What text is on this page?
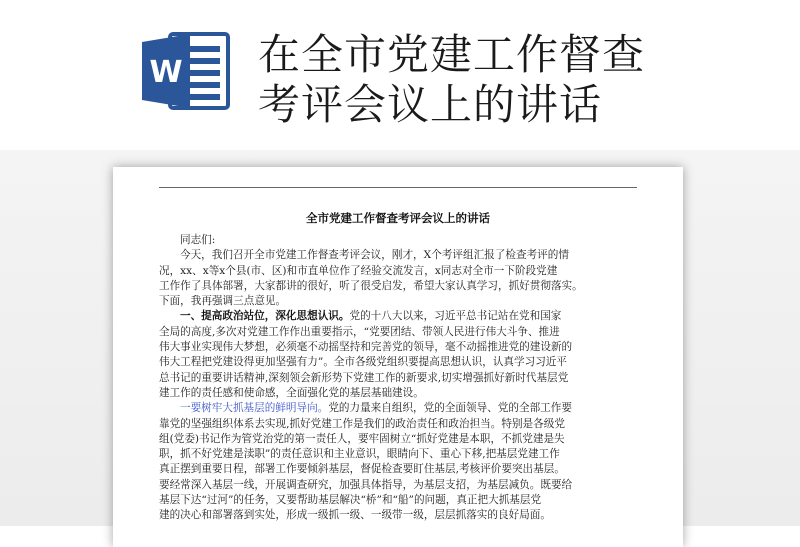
W 在全市党建工作督查
考评会议上的讲话
全市党建工作督查考评会议上的讲话
同志们:
今天，我们召开全市党建工作督查考评会议，刚才，X个考评组汇报了检查考评的情
况，xx、x等x个县(市、区)和市直单位作了经验交流发言，x同志对全市一下阶段党建
工作作了具体部署，大家都讲的很好，听了很受启发，希望大家认真学习，抓好贯彻落实。
下面，我再强调三点意见。
一、提高政治站位，深化思想认识。党的十八大以来，习近平总书记站在党和国家
全局的高度,多次对党建工作作出重要指示，“党要团结、带领人民进行伟大斗争、推进
伟大事业实现伟大梦想，必须毫不动摇坚持和完善党的领导，毫不动摇推进党的建设新的
伟大工程把党建设得更加坚强有力”。全市各级党组织要提高思想认识，认真学习习近平
总书记的重要讲话精神,深刻领会新形势下党建工作的新要求,切实增强抓好新时代基层党
建工作的责任感和使命感，全面强化党的基层基础建设。
一要树牢大抓基层的鲜明导向。党的力量来自组织，党的全面领导、党的全部工作要
靠党的坚强组织体系去实现,抓好党建工作是我们的政治责任和政治担当。特别是各级党
组(党委)书记作为管党治党的第一责任人，要牢固树立“抓好党建是本职，不抓党建是失
职，抓不好党建是渎职”的责任意识和主业意识，眼睛向下、重心下移,把基层党建工作
真正摆到重要日程，部署工作要倾斜基层，督促检查要盯住基层,考核评价要突出基层。
要经常深入基层一线，开展调查研究，加强具体指导，为基层支招，为基层减负。既要给
基层下达“过河”的任务，又要帮助基层解决“桥”和“船”的问题，真正把大抓基层党
建的决心和部署落到实处，形成一级抓一级、一级带一级，层层抓落实的良好局面。
